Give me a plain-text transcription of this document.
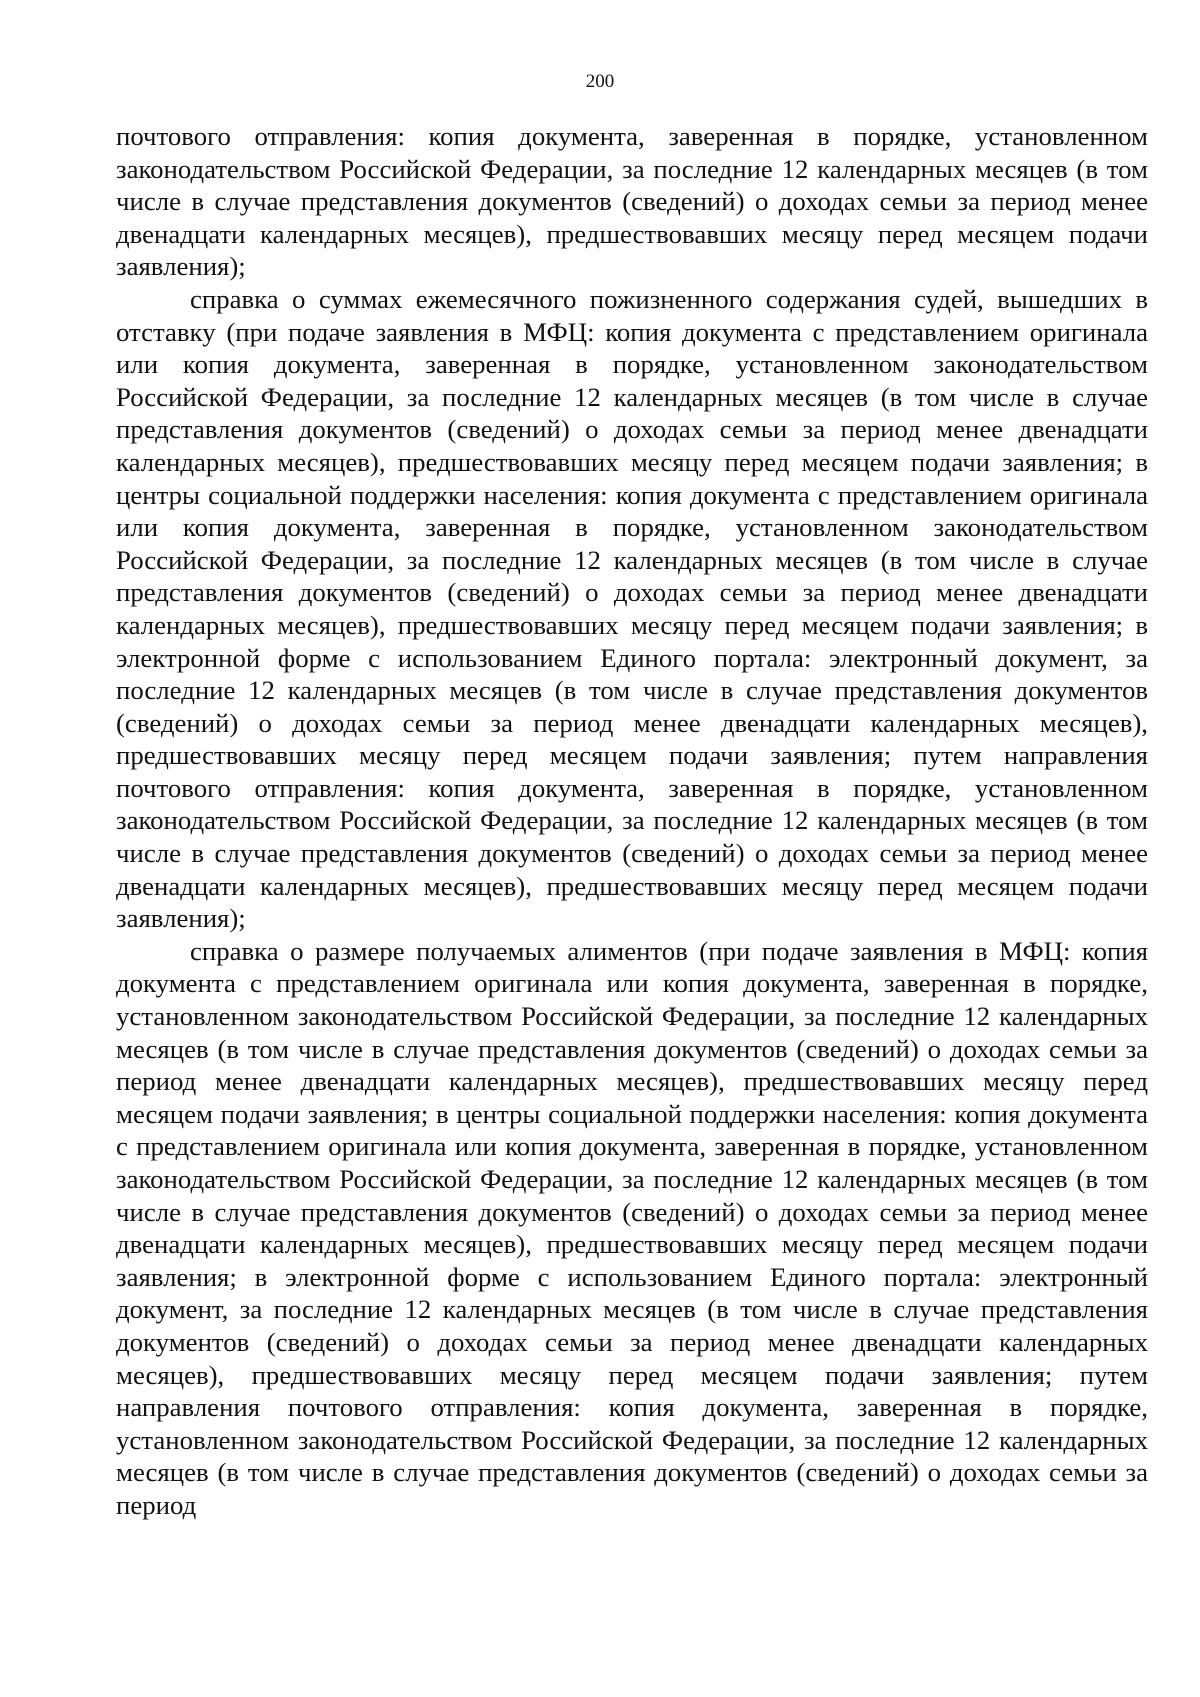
200

почтового отправления: копия документа, заверенная в порядке, установленном законодательством Российской Федерации, за последние 12 календарных месяцев (в том числе в случае представления документов (сведений) о доходах семьи за период менее двенадцати календарных месяцев), предшествовавших месяцу перед месяцем подачи заявления);

справка о суммах ежемесячного пожизненного содержания судей, вышедших в отставку (при подаче заявления в МФЦ: копия документа с представлением оригинала или копия документа, заверенная в порядке, установленном законодательством Российской Федерации, за последние 12 календарных месяцев (в том числе в случае представления документов (сведений) о доходах семьи за период менее двенадцати календарных месяцев), предшествовавших месяцу перед месяцем подачи заявления; в центры социальной поддержки населения: копия документа с представлением оригинала или копия документа, заверенная в порядке, установленном законодательством Российской Федерации, за последние 12 календарных месяцев (в том числе в случае представления документов (сведений) о доходах семьи за период менее двенадцати календарных месяцев), предшествовавших месяцу перед месяцем подачи заявления; в электронной форме с использованием Единого портала: электронный документ, за последние 12 календарных месяцев (в том числе в случае представления документов (сведений) о доходах семьи за период менее двенадцати календарных месяцев), предшествовавших месяцу перед месяцем подачи заявления; путем направления почтового отправления: копия документа, заверенная в порядке, установленном законодательством Российской Федерации, за последние 12 календарных месяцев (в том числе в случае представления документов (сведений) о доходах семьи за период менее двенадцати календарных месяцев), предшествовавших месяцу перед месяцем подачи заявления);

справка о размере получаемых алиментов (при подаче заявления в МФЦ: копия документа с представлением оригинала или копия документа, заверенная в порядке, установленном законодательством Российской Федерации, за последние 12 календарных месяцев (в том числе в случае представления документов (сведений) о доходах семьи за период менее двенадцати календарных месяцев), предшествовавших месяцу перед месяцем подачи заявления; в центры социальной поддержки населения: копия документа с представлением оригинала или копия документа, заверенная в порядке, установленном законодательством Российской Федерации, за последние 12 календарных месяцев (в том числе в случае представления документов (сведений) о доходах семьи за период менее двенадцати календарных месяцев), предшествовавших месяцу перед месяцем подачи заявления; в электронной форме с использованием Единого портала: электронный документ, за последние 12 календарных месяцев (в том числе в случае представления документов (сведений) о доходах семьи за период менее двенадцати календарных месяцев), предшествовавших месяцу перед месяцем подачи заявления; путем направления почтового отправления: копия документа, заверенная в порядке, установленном законодательством Российской Федерации, за последние 12 календарных месяцев (в том числе в случае представления документов (сведений) о доходах семьи за период
